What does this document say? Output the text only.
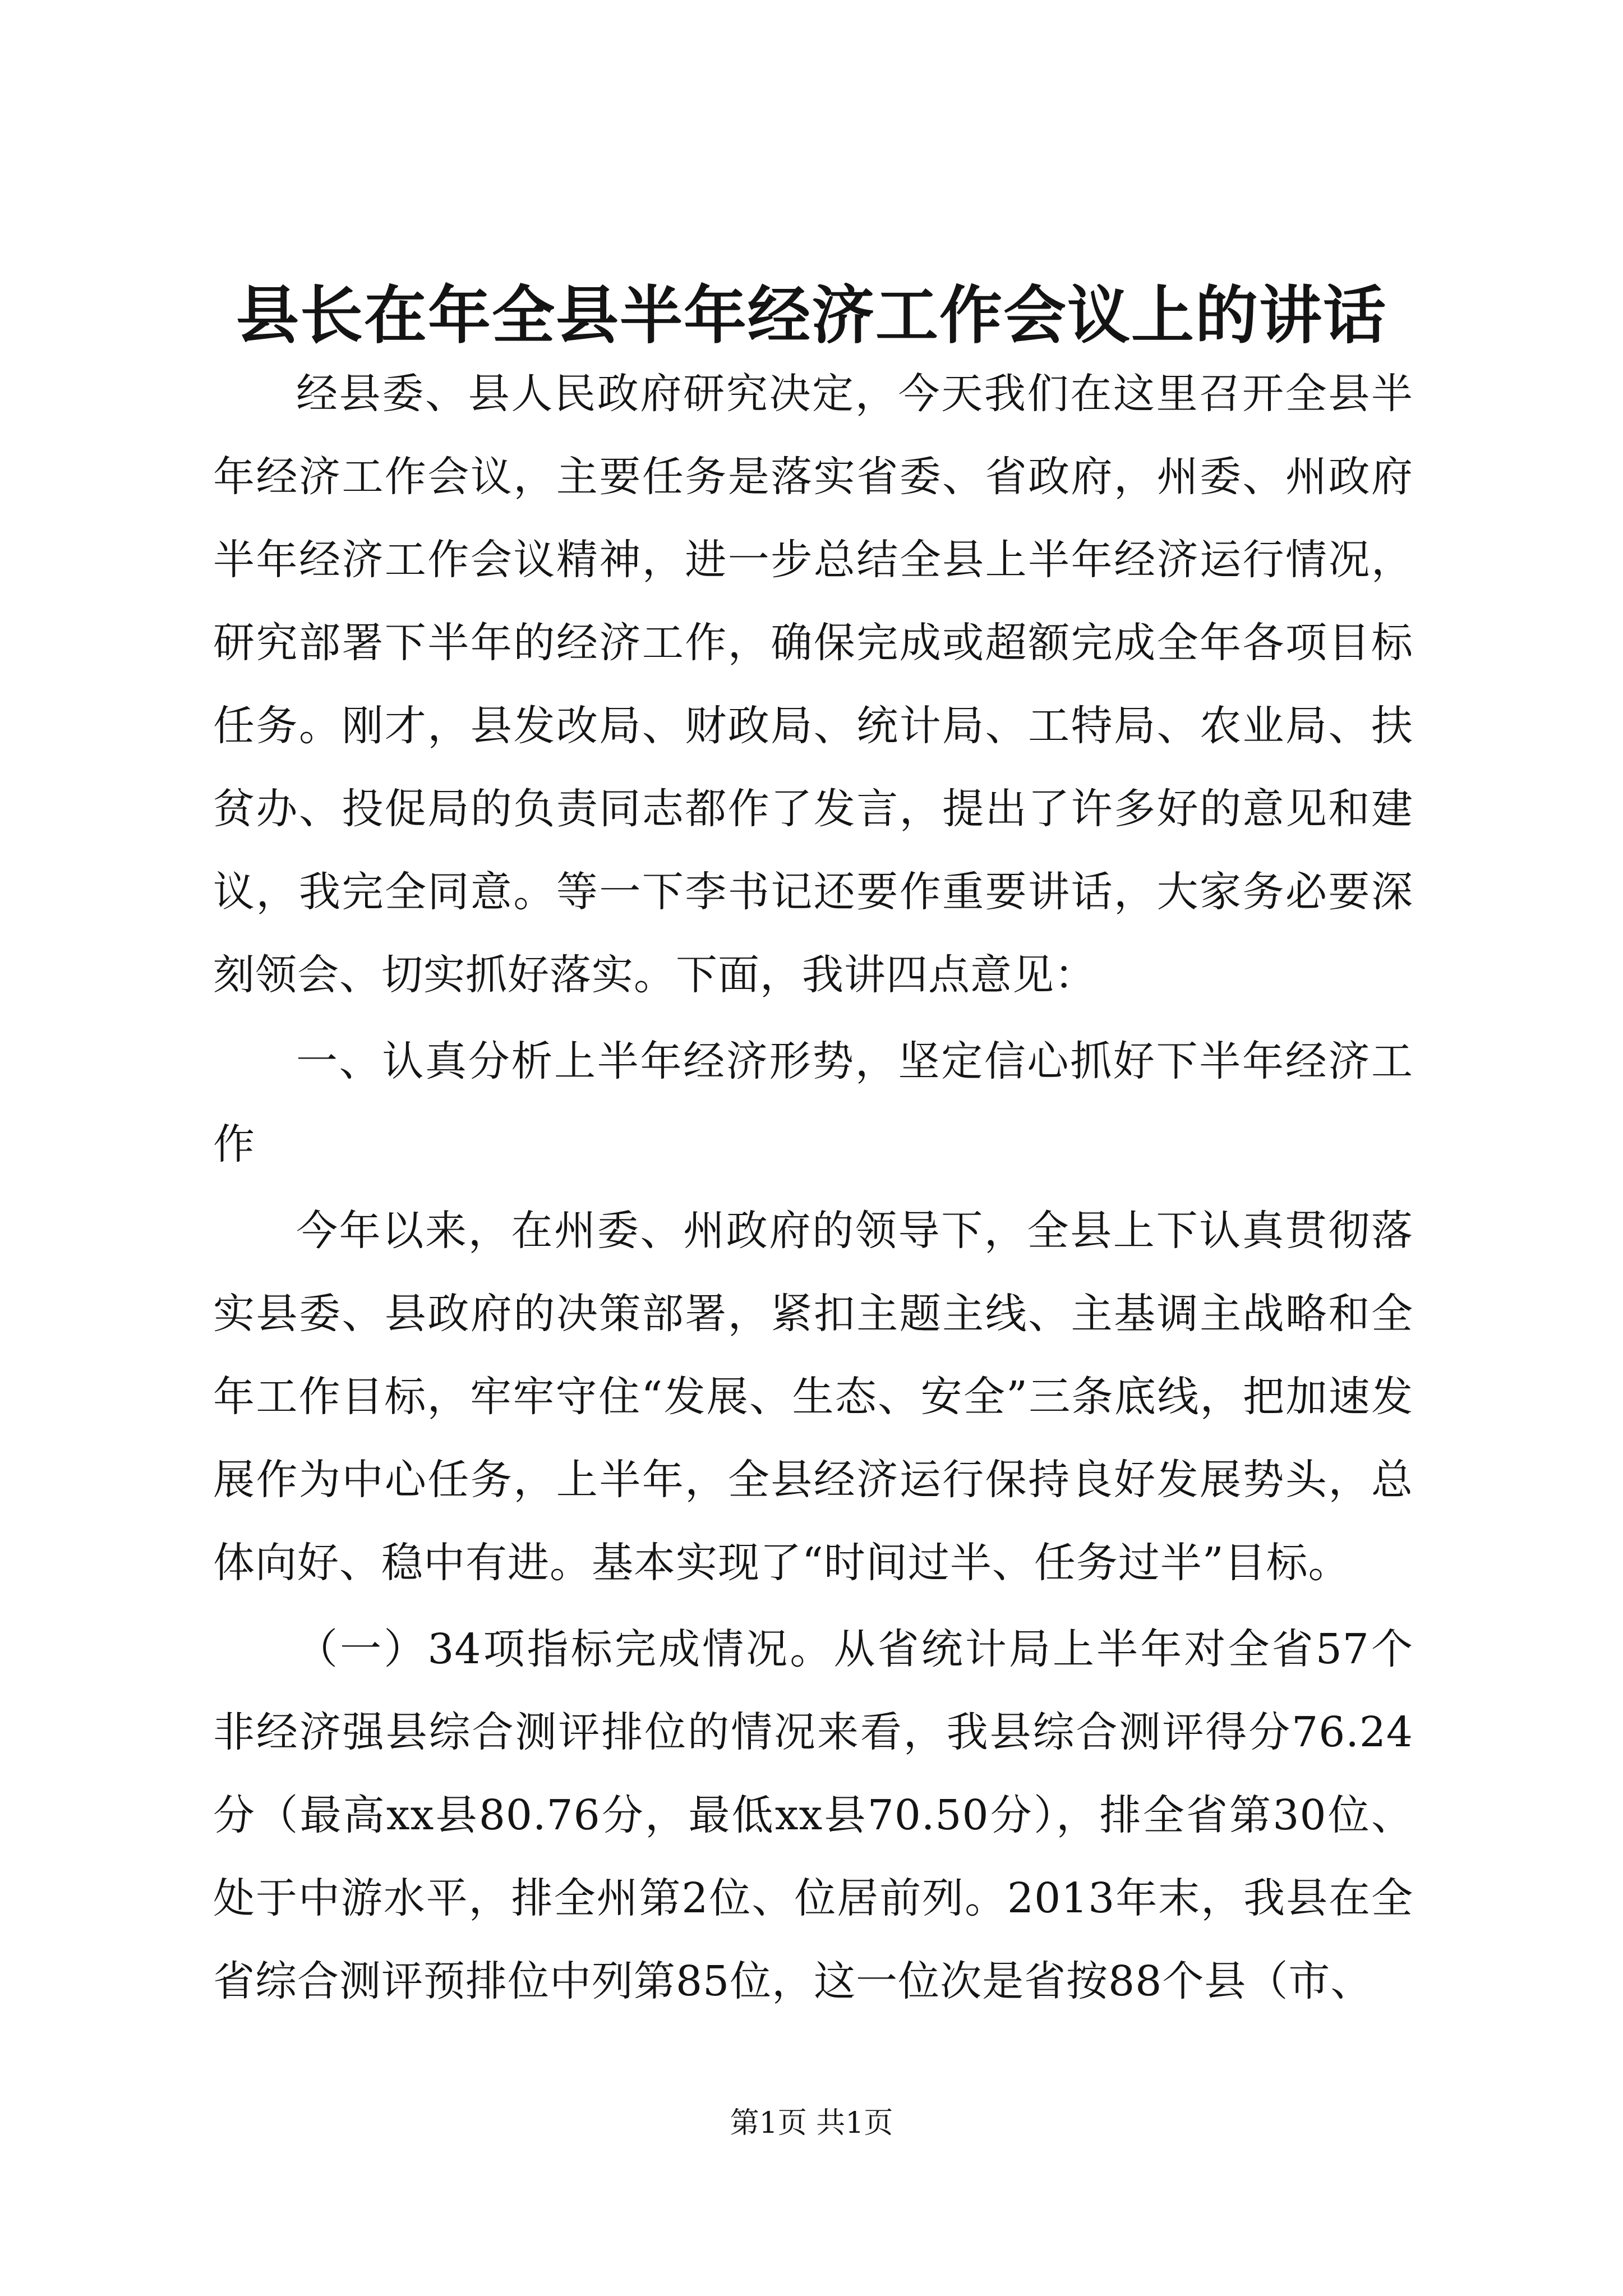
县长在年全县半年经济工作会议上的讲话

经县委、县人民政府研究决定，今天我们在这里召开全县半年经济工作会议，主要任务是落实省委、省政府，州委、州政府半年经济工作会议精神，进一步总结全县上半年经济运行情况，研究部署下半年的经济工作，确保完成或超额完成全年各项目标任务。刚才，县发改局、财政局、统计局、工特局、农业局、扶贫办、投促局的负责同志都作了发言，提出了许多好的意见和建议，我完全同意。等一下李书记还要作重要讲话，大家务必要深刻领会、切实抓好落实。下面，我讲四点意见：

一、认真分析上半年经济形势，坚定信心抓好下半年经济工作

今年以来，在州委、州政府的领导下，全县上下认真贯彻落实县委、县政府的决策部署，紧扣主题主线、主基调主战略和全年工作目标，牢牢守住“发展、生态、安全”三条底线，把加速发展作为中心任务，上半年，全县经济运行保持良好发展势头，总体向好、稳中有进。基本实现了“时间过半、任务过半”目标。

（一）34项指标完成情况。从省统计局上半年对全省57个非经济强县综合测评排位的情况来看，我县综合测评得分76.24分（最高xx县80.76分，最低xx县70.50分），排全省第30位、处于中游水平，排全州第2位、位居前列。2013年末，我县在全省综合测评预排位中列第85位，这一位次是省按88个县（市、

第1页 共1页
